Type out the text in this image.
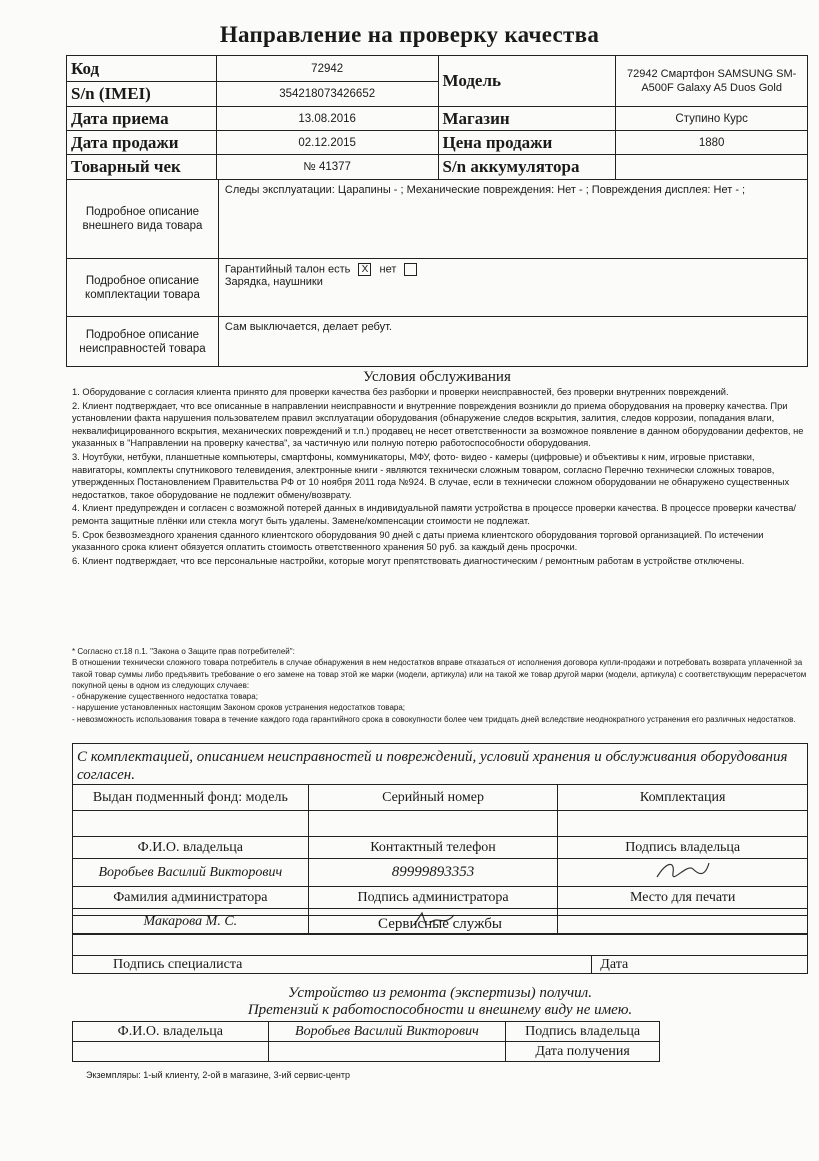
Направление на проверку качества
Код	72942	Модель	72942 Смартфон SAMSUNG SM-A500F Galaxy A5 Duos Gold
S/n (IMEI)	354218073426652		
Дата приема	13.08.2016	Магазин	Ступино Курс
Дата продажи	02.12.2015	Цена продажи	1880
Товарный чек	№ 41377	S/n аккумулятора	
Подробное описание внешнего вида товара	Следы эксплуатации: Царапины - ; Механические повреждения: Нет - ; Повреждения дисплея: Нет - ;
Подробное описание комплектации товара	Гарантийный талон есть X нет
Зарядка, наушники

Подробное описание неисправностей товара	Сам выключается, делает ребут.
Условия обслуживания

1. Оборудование с согласия клиента принято для проверки качества без разборки и проверки неисправностей, без проверки внутренних повреждений.

2. Клиент подтверждает, что все описанные в направлении неисправности и внутренние повреждения возникли до приема оборудования на проверку качества. При установлении факта нарушения пользователем правил эксплуатации оборудования (обнаружение следов вскрытия, залития, следов коррозии, попадания влаги, неквалифицированного вскрытия, механических повреждений и т.п.) продавец не несет ответственности за возможное появление в данном оборудовании дефектов, не указанных в "Направлении на проверку качества", за частичную или полную потерю работоспособности оборудования.

3. Ноутбуки, нетбуки, планшетные компьютеры, смартфоны, коммуникаторы, МФУ, фото- видео - камеры (цифровые) и объективы к ним, игровые приставки, навигаторы, комплекты спутникового телевидения, электронные книги - являются технически сложным товаром, согласно Перечню технически сложных товаров, утвержденных Постановлением Правительства РФ от 10 ноября 2011 года №924. В случае, если в технически сложном оборудовании не обнаружено существенных недостатков, такое оборудование не подлежит обмену/возврату.

4. Клиент предупрежден и согласен с возможной потерей данных в индивидуальной памяти устройства в процессе проверки качества. В процессе проверки качества/ремонта защитные плёнки или стекла могут быть удалены. Замене/компенсации стоимости не подлежат.

5. Срок безвозмездного хранения сданного клиентского оборудования 90 дней с даты приема клиентского оборудования торговой организацией. По истечении указанного срока клиент обязуется оплатить стоимость ответственного хранения 50 руб. за каждый день просрочки.

6. Клиент подтверждает, что все персональные настройки, которые могут препятствовать диагностическим / ремонтным работам в устройстве отключены.

* Согласно ст.18 п.1. "Закона о Защите прав потребителей":

В отношении технически сложного товара потребитель в случае обнаружения в нем недостатков вправе отказаться от исполнения договора купли-продажи и потребовать возврата уплаченной за такой товар суммы либо предъявить требование о его замене на товар этой же марки (модели, артикула) или на такой же товар другой марки (модели, артикула) с соответствующим перерасчетом покупной цены в одном из следующих случаев:

- обнаружение существенного недостатка товара;

- нарушение установленных настоящим Законом сроков устранения недостатков товара;

- невозможность использования товара в течение каждого года гарантийного срока в совокупности более чем тридцать дней вследствие неоднократного устранения его различных недостатков.

С комплектацией, описанием неисправностей и повреждений, условий хранения и обслуживания оборудования согласен.		
Выдан подменный фонд: модель	Серийный номер	Комплектация

Ф.И.О. владельца	Контактный телефон	Подпись владельца
Воробьев Василий Викторович	89999893353	
Фамилия администратора	Подпись администратора	Место для печати
Макарова М. С.			Сервисные службы

Подпись специалиста	Дата
Устройство из ремонта (экспертизы) получил.
Претензий к работоспособности и внешнему виду не имею.
Ф.И.О. владельца	Воробьев Василий Викторович	Подпись владельца
		Дата получения
Экземпляры: 1-ый клиенту, 2-ой в магазине, 3-ий сервис-центр
